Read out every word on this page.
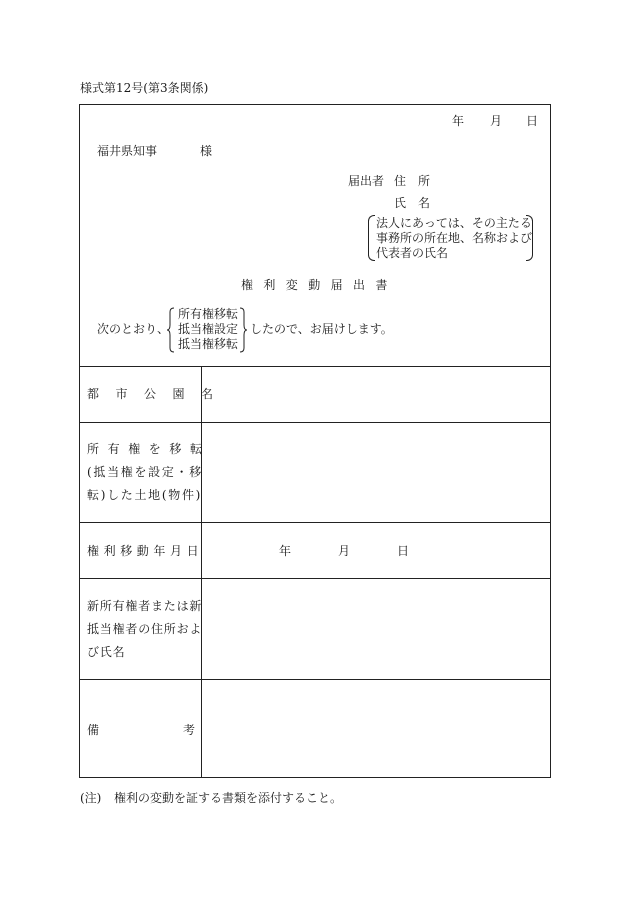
様式第12号(第3条関係)
年 月 日
福井県知事	様
届出者 住 所
氏 名
法人にあっては、その主たる
事務所の所在地、名称および
代表者の氏名
権利変動届出書
次のとおり、
所有権移転
抵当権設定
抵当権移転
したので、お届けします。
都市公園名
所有権を移転
(抵当権を設定・移
転)した土地(物件)
権利移動年月日	年	月	日
新所有権者または新
抵当権者の住所およ
び氏名
備	考
(注) 権利の変動を証する書類を添付すること。
